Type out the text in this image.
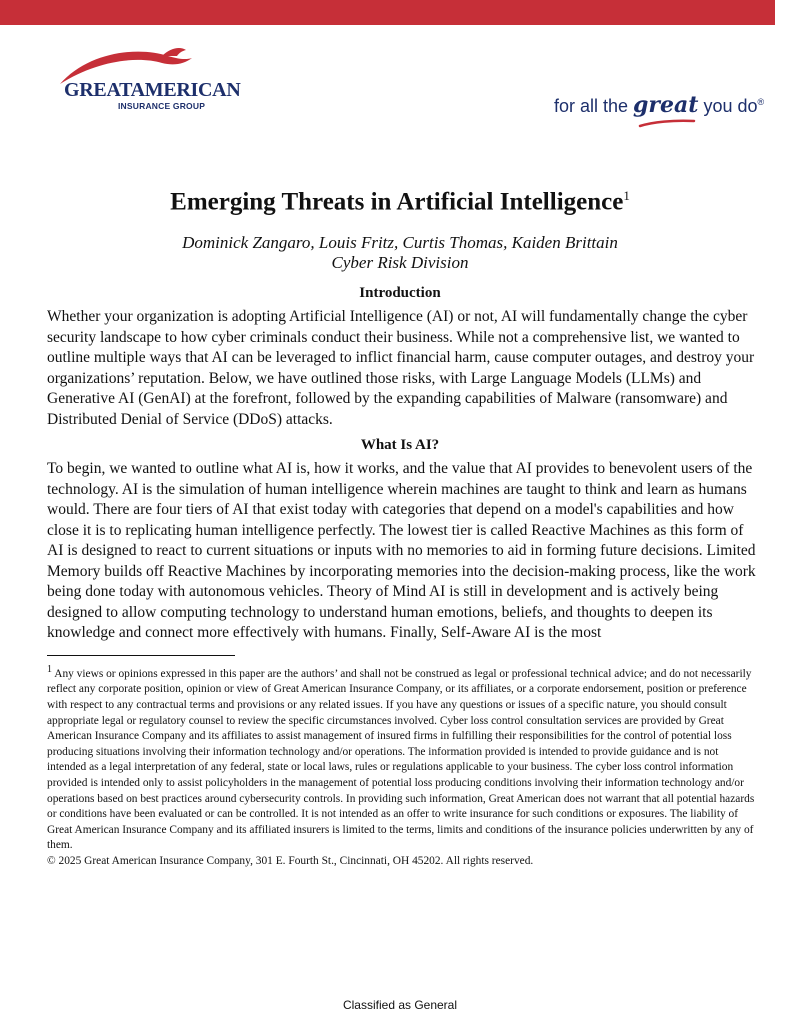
GREATAMERICAN
INSURANCE GROUP	for all the great you do®
Emerging Threats in Artificial Intelligence$^1$
Dominick Zangaro, Louis Fritz, Curtis Thomas, Kaiden Brittain
Cyber Risk Division
Introduction
Whether your organization is adopting Artificial Intelligence (AI) or not, AI will fundamentally change the cyber security landscape to how cyber criminals conduct their business. While not a comprehensive list, we wanted to outline multiple ways that AI can be leveraged to inflict financial harm, cause computer outages, and destroy your organizations’ reputation. Below, we have outlined those risks, with Large Language Models (LLMs) and Generative AI (GenAI) at the forefront, followed by the expanding capabilities of Malware (ransomware) and Distributed Denial of Service (DDoS) attacks.
What Is AI?
To begin, we wanted to outline what AI is, how it works, and the value that AI provides to benevolent users of the technology. AI is the simulation of human intelligence wherein machines are taught to think and learn as humans would. There are four tiers of AI that exist today with categories that depend on a model's capabilities and how close it is to replicating human intelligence perfectly. The lowest tier is called Reactive Machines as this form of AI is designed to react to current situations or inputs with no memories to aid in forming future decisions. Limited Memory builds off Reactive Machines by incorporating memories into the decision-making process, like the work being done today with autonomous vehicles. Theory of Mind AI is still in development and is actively being designed to allow computing technology to understand human emotions, beliefs, and thoughts to deepen its knowledge and connect more effectively with humans. Finally, Self-Aware AI is the most
$^1$ Any views or opinions expressed in this paper are the authors’ and shall not be construed as legal or professional technical advice; and do not necessarily reflect any corporate position, opinion or view of Great American Insurance Company, or its affiliates, or a corporate endorsement, position or preference with respect to any contractual terms and provisions or any related issues. If you have any questions or issues of a specific nature, you should consult appropriate legal or regulatory counsel to review the specific circumstances involved. Cyber loss control consultation services are provided by Great American Insurance Company and its affiliates to assist management of insured firms in fulfilling their responsibilities for the control of potential loss producing situations involving their information technology and/or operations. The information provided is intended to provide guidance and is not intended as a legal interpretation of any federal, state or local laws, rules or regulations applicable to your business. The cyber loss control information provided is intended only to assist policyholders in the management of potential loss producing conditions involving their information technology and/or operations based on best practices around cybersecurity controls. In providing such information, Great American does not warrant that all potential hazards or conditions have been evaluated or can be controlled. It is not intended as an offer to write insurance for such conditions or exposures. The liability of Great American Insurance Company and its affiliated insurers is limited to the terms, limits and conditions of the insurance policies underwritten by any of them.
© 2025 Great American Insurance Company, 301 E. Fourth St., Cincinnati, OH 45202. All rights reserved.
Classified as General
